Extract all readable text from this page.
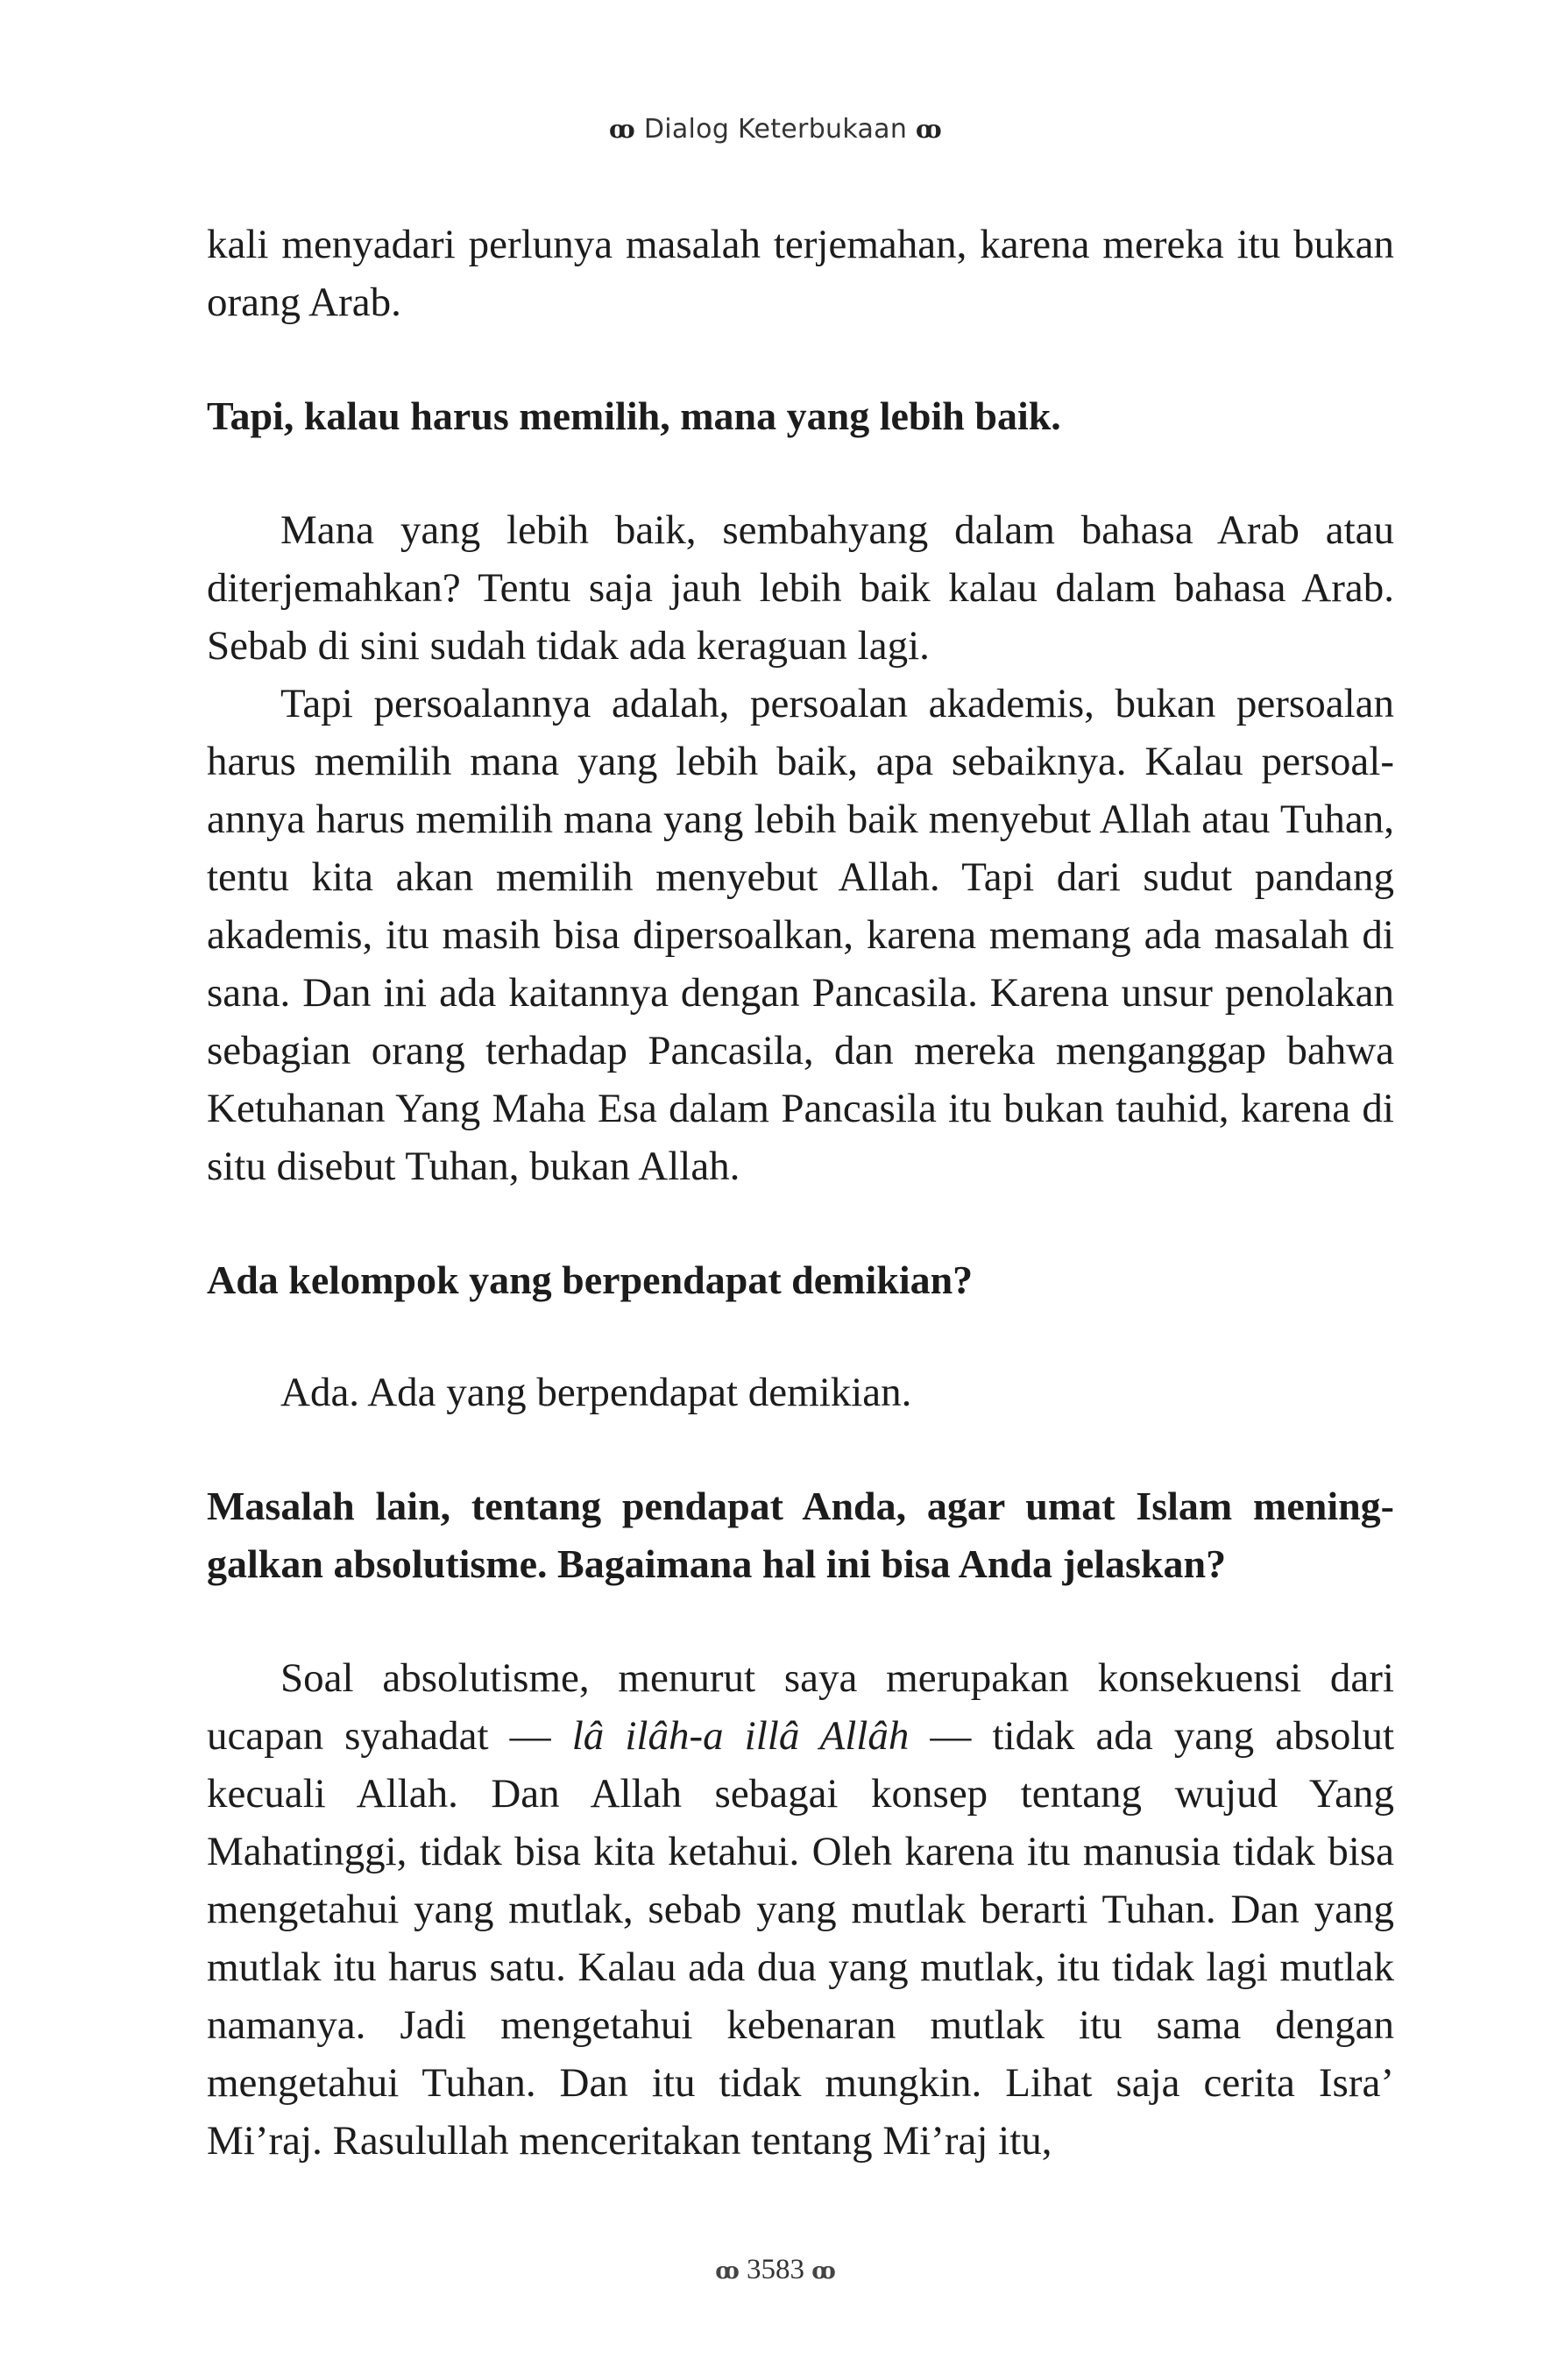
ꝏ Dialog Keterbukaan ꝏ

kali menyadari perlunya masalah terjemahan, karena mereka itu bukan orang Arab.

Tapi, kalau harus memilih, mana yang lebih baik.

Mana yang lebih baik, sembahyang dalam bahasa Arab atau diterjemahkan? Tentu saja jauh lebih baik kalau dalam bahasa Arab. Sebab di sini sudah tidak ada keraguan lagi.

Tapi persoalannya adalah, persoalan akademis, bukan persoalan harus memilih mana yang lebih baik, apa sebaiknya. Kalau persoal-annya harus memilih mana yang lebih baik menyebut Allah atau Tuhan, tentu kita akan memilih menyebut Allah. Tapi dari sudut pandang akademis, itu masih bisa dipersoalkan, karena memang ada masalah di sana. Dan ini ada kaitannya dengan Pancasila. Karena unsur penolakan sebagian orang terhadap Pancasila, dan mereka menganggap bahwa Ketuhanan Yang Maha Esa dalam Pancasila itu bukan tauhid, karena di situ disebut Tuhan, bukan Allah.

Ada kelompok yang berpendapat demikian?

Ada. Ada yang berpendapat demikian.

Masalah lain, tentang pendapat Anda, agar umat Islam mening-galkan absolutisme. Bagaimana hal ini bisa Anda jelaskan?

Soal absolutisme, menurut saya merupakan konsekuensi dari ucapan syahadat — lâ ilâh-a illâ Allâh — tidak ada yang absolut kecuali Allah. Dan Allah sebagai konsep tentang wujud Yang Mahatinggi, tidak bisa kita ketahui. Oleh karena itu manusia tidak bisa mengetahui yang mutlak, sebab yang mutlak berarti Tuhan. Dan yang mutlak itu harus satu. Kalau ada dua yang mutlak, itu tidak lagi mutlak namanya. Jadi mengetahui kebenaran mutlak itu sama dengan mengetahui Tuhan. Dan itu tidak mungkin. Lihat saja cerita Isra’ Mi’raj. Rasulullah menceritakan tentang Mi’raj itu,

ꝏ 3583 ꝏ
